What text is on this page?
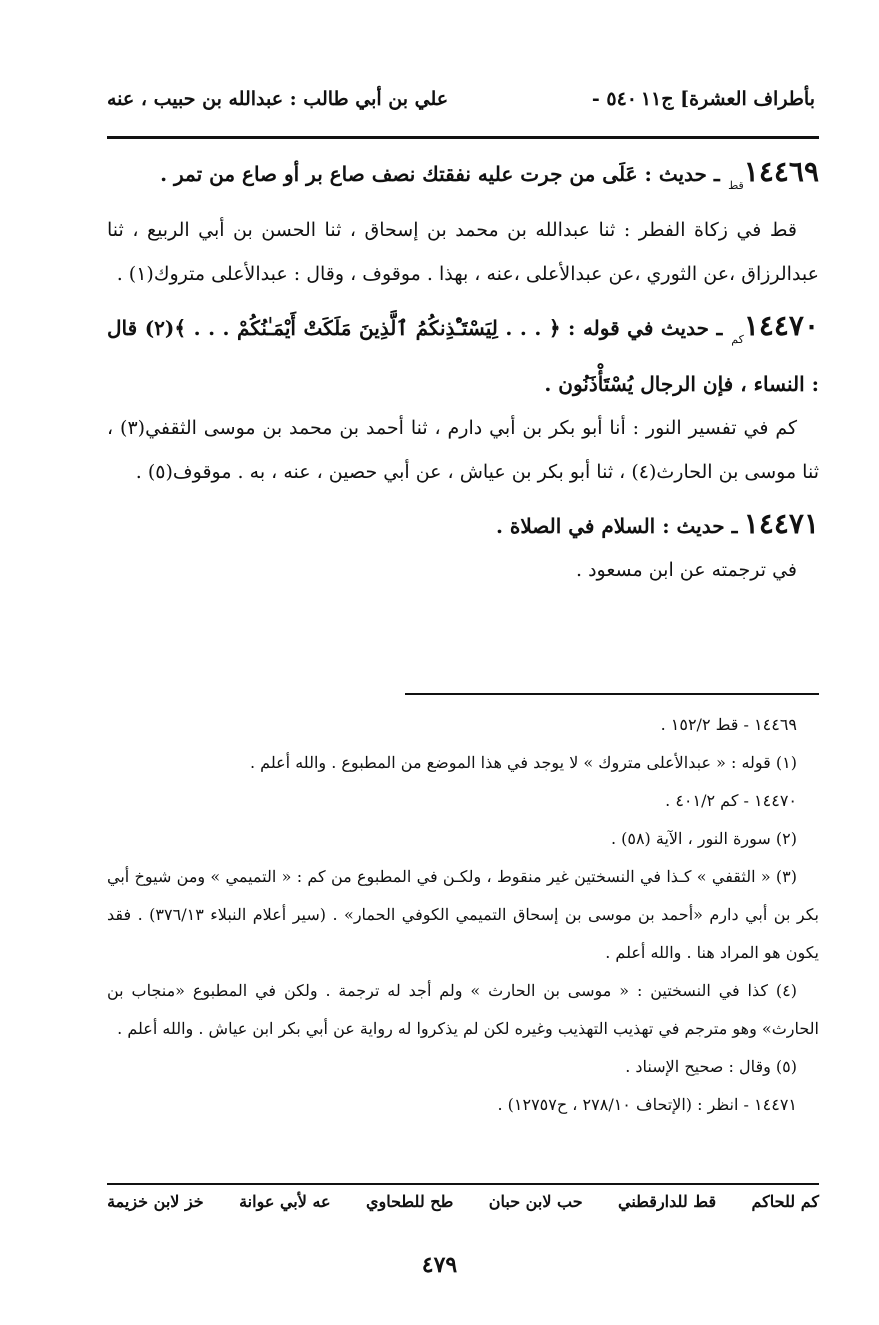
بأطراف العشرة] ج١١
٥٤٠ -
علي بن أبي طالب : عبدالله بن حبيب ، عنه

$١٤٤٦٩_{قط}$ ـ حديث : عَلَى من جرت عليه نفقتك نصف صاع بر أو صاع من تمر .

قط في زكاة الفطر : ثنا عبدالله بن محمد بن إسحاق ، ثنا الحسن بن أبي الربيع ، ثنا عبدالرزاق ،عن الثوري ،عن عبدالأعلى ،عنه ، بهذا . موقوف ، وقال : عبدالأعلى متروك(١) .

$١٤٤٧٠_{كم}$ ـ حديث في قوله : ﴿ . . . لِيَسْتَـْٔذِنكُمُ ٱلَّذِينَ مَلَكَتْ أَيْمَـٰنُكُمْ . . . ﴾(٢) قال : النساء ، فإن الرجال يُسْتَأْذَنُون .

كم في تفسير النور : أنا أبو بكر بن أبي دارم ، ثنا أحمد بن محمد بن موسى الثقفي(٣) ، ثنا موسى بن الحارث(٤) ، ثنا أبو بكر بن عياش ، عن أبي حصين ، عنه ، به . موقوف(٥) .

١٤٤٧١ ـ حديث : السلام في الصلاة .

في ترجمته عن ابن مسعود .

١٤٤٦٩ - قط ١٥٢/٢ .

(١) قوله : « عبدالأعلى متروك » لا يوجد في هذا الموضع من المطبوع . والله أعلم .

١٤٤٧٠ - كم ٤٠١/٢ .

(٢) سورة النور ، الآية (٥٨) .

(٣) « الثقفي » كـذا في النسختين غير منقوط ، ولكـن في المطبوع من كم : « التميمي » ومن شيوخ أبي بكر بن أبي دارم «أحمد بن موسى بن إسحاق التميمي الكوفي الحمار» . (سير أعلام النبلاء ٣٧٦/١٣) . فقد يكون هو المراد هنا . والله أعلم .

(٤) كذا في النسختين : « موسى بن الحارث » ولم أجد له ترجمة . ولكن في المطبوع «منجاب بن الحارث» وهو مترجم في تهذيب التهذيب وغيره لكن لم يذكروا له رواية عن أبي بكر ابن عياش . والله أعلم .

(٥) وقال : صحيح الإسناد .

١٤٤٧١ - انظر : (الإتحاف ٢٧٨/١٠ ، ح١٢٧٥٧) .

كم للحاكم
قط للدارقطني
حب لابن حبان
طح للطحاوي
عه لأبي عوانة
خز لابن خزيمة
٤٧٩
